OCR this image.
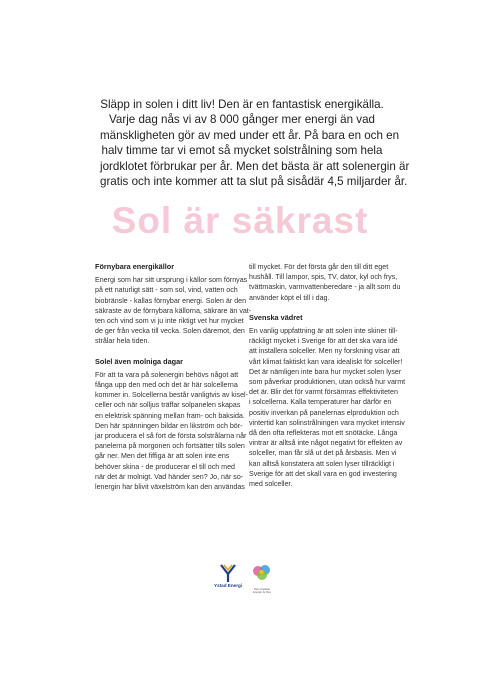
Släpp in solen i ditt liv! Den är en fantastisk energikälla.
Varje dag nås vi av 8 000 gånger mer energi än vad
mänskligheten gör av med under ett år. På bara en och en
halv timme tar vi emot så mycket solstrålning som hela
jordklotet förbrukar per år. Men det bästa är att solenergin är
gratis och inte kommer att ta slut på sisådär 4,5 miljarder år.
Sol är säkrast
Förnybara energikällor

Energi som har sitt ursprung i källor som förnyas
på ett naturligt sätt - som sol, vind, vatten och
biobränsle - kallas förnybar energi. Solen är den
säkraste av de förnybara källorna, säkrare än vat-
ten och vind som vi ju inte riktigt vet hur mycket
de ger från vecka till vecka. Solen däremot, den
strålar hela tiden.

Solel även molniga dagar

För att ta vara på solenergin behövs något att
fånga upp den med och det är här solcellerna
kommer in. Solcellerna består vanligtvis av kisel-
celler och när solljus träffar solpanelen skapas
en elektrisk spänning mellan fram- och baksida.
Den här spänningen bildar en likström och bör-
jar producera el så fort de första solstrålarna når
panelerna på morgonen och fortsätter tills solen
går ner. Men det fiffiga är att solen inte ens
behöver skina - de producerar el till och med
när det är molnigt. Vad händer sen? Jo, när so-
lenergin har blivit växelström kan den användas

till mycket. För det första går den till ditt eget
hushåll. Till lampor, spis, TV, dator, kyl och frys,
tvättmaskin, varmvattenberedare - ja allt som du
använder köpt el till i dag.

Svenska vädret

En vanlig uppfattning är att solen inte skiner till-
räckligt mycket i Sverige för att det ska vara idé
att installera solceller. Men ny forskning visar att
vårt klimat faktiskt kan vara idealiskt för solceller!
Det är nämligen inte bara hur mycket solen lyser
som påverkar produktionen, utan också hur varmt
det är. Blir det för varmt försämras effektiviteten
i solcellerna. Kalla temperaturer har därför en
positiv inverkan på panelernas elproduktion och
vintertid kan solinstrålningen vara mycket intensiv
då den ofta reflekteras mot ett snötäcke. Långa
vintrar är alltså inte något negativt för effekten av
solceller, man får slå ut det på årsbasis. Men vi
kan alltså konstatera att solen lyser tillräckligt i
Sverige för att det skall vara en god investering
med solceller.

Ystad Energi
Den Coolaste
Energin Är Den
